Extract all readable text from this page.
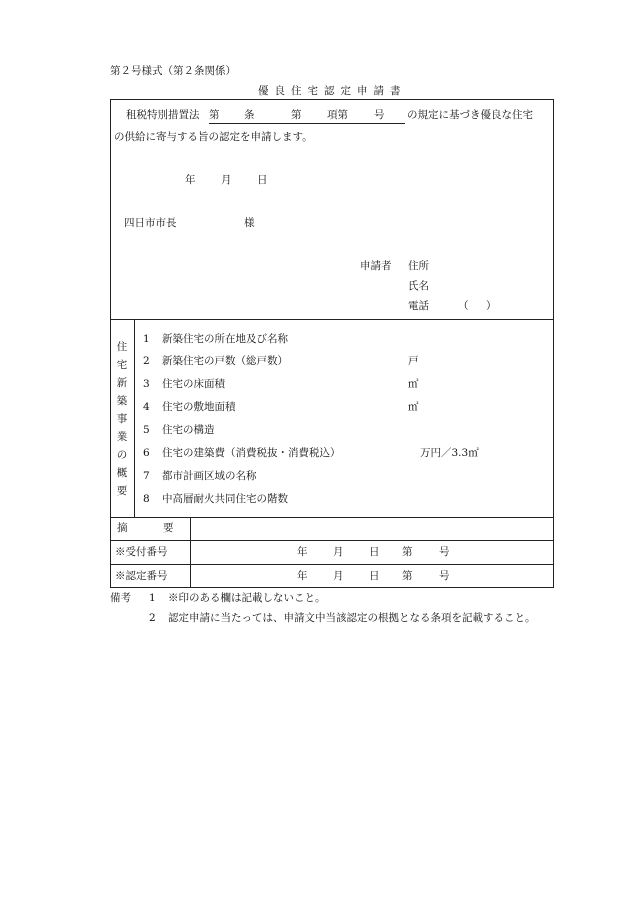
第２号様式（第２条関係）
優良住宅認定申請書
租税特別措置法 第 条	第 項第 号 の規定に基づき優良な住宅
の供給に寄与する旨の認定を申請します。
年 月 日
四日市市長	様
申請者 住所
氏名
電話	（ ）
住
宅
新
築
事
業
の
概
要
1 新築住宅の所在地及び名称
2 新築住宅の戸数（総戸数）	戸
3 住宅の床面積	㎡
4 住宅の敷地面積	㎡
5 住宅の構造
6 住宅の建築費（消費税抜・消費税込）	万円／3.3㎡
7 都市計画区域の名称
8 中高層耐火共同住宅の階数
摘	要
※受付番号	年 月 日 第	号
※認定番号	年 月 日 第	号
備考 1 ※印のある欄は記載しないこと。
2 認定申請に当たっては、申請文中当該認定の根拠となる条項を記載すること。
